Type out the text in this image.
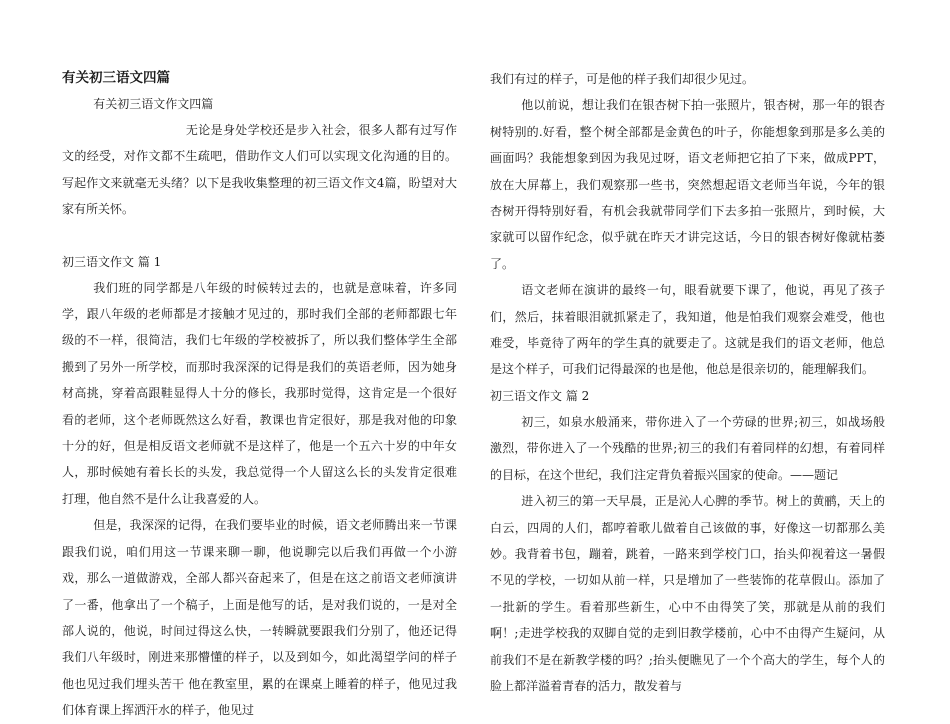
有关初三语文四篇
有关初三语文作文四篇

无论是身处学校还是步入社会，很多人都有过写作文的经受，对作文都不生疏吧，借助作文人们可以实现文化沟通的目的。写起作文来就毫无头绪？以下是我收集整理的初三语文作文4篇，盼望对大家有所关怀。

初三语文作文 篇 1

我们班的同学都是八年级的时候转过去的，也就是意味着，许多同学，跟八年级的老师都是才接触才见过的，那时我们全部的老师都跟七年级的不一样，很简洁，我们七年级的学校被拆了，所以我们整体学生全部搬到了另外一所学校，而那时我深深的记得是我们的英语老师，因为她身材高挑，穿着高跟鞋显得人十分的修长，我那时觉得，这肯定是一个很好看的老师，这个老师既然这么好看，教课也肯定很好，那是我对他的印象十分的好，但是相反语文老师就不是这样了，他是一个五六十岁的中年女人，那时候她有着长长的头发，我总觉得一个人留这么长的头发肯定很难打理，他自然不是什么让我喜爱的人。

但是，我深深的记得，在我们要毕业的时候，语文老师腾出来一节课跟我们说，咱们用这一节课来聊一聊，他说聊完以后我们再做一个小游戏，那么一道做游戏，全部人都兴奋起来了，但是在这之前语文老师演讲了一番，他拿出了一个稿子，上面是他写的话，是对我们说的，一是对全部人说的，他说，时间过得这么快，一转瞬就要跟我们分别了，他还记得我们八年级时，刚进来那懵懂的样子，以及到如今，如此渴望学问的样子他也见过我们埋头苦干 他在教室里，累的在课桌上睡着的样子，他见过我们体育课上挥洒汗水的样子，他见过

我们有过的样子，可是他的样子我们却很少见过。

他以前说，想让我们在银杏树下拍一张照片，银杏树，那一年的银杏树特别的.好看，整个树全部都是金黄色的叶子，你能想象到那是多么美的画面吗？我能想象到因为我见过呀，语文老师把它拍了下来，做成PPT，放在大屏幕上，我们观察那一些书，突然想起语文老师当年说，今年的银杏树开得特别好看，有机会我就带同学们下去多拍一张照片，到时候，大家就可以留作纪念，似乎就在昨天才讲完这话，今日的银杏树好像就枯萎了。

语文老师在演讲的最终一句，眼看就要下课了，他说，再见了孩子们，然后，抹着眼泪就抓紧走了，我知道，他是怕我们观察会难受，他也难受，毕竟待了两年的学生真的就要走了。这就是我们的语文老师，他总是这个样子，可我们记得最深的也是他，他总是很亲切的，能理解我们。

初三语文作文 篇 2

初三，如泉水般涌来，带你进入了一个劳碌的世界;初三，如战场般激烈，带你进入了一个残酷的世界;初三的我们有着同样的幻想，有着同样的目标，在这个世纪，我们注定背负着振兴国家的使命。——题记

进入初三的第一天早晨，正是沁人心脾的季节。树上的黄鹂，天上的白云，四周的人们，都哼着歌儿做着自己该做的事，好像这一切都那么美妙。我背着书包，蹦着，跳着，一路来到学校门口，抬头仰视着这一暑假不见的学校，一切如从前一样，只是增加了一些装饰的花草假山。添加了一批新的学生。看着那些新生，心中不由得笑了笑，那就是从前的我们啊！;走进学校我的双脚自觉的走到旧教学楼前，心中不由得产生疑问，从前我们不是在新教学楼的吗？;抬头便瞧见了一个个高大的学生，每个人的脸上都洋溢着青春的活力，散发着与
